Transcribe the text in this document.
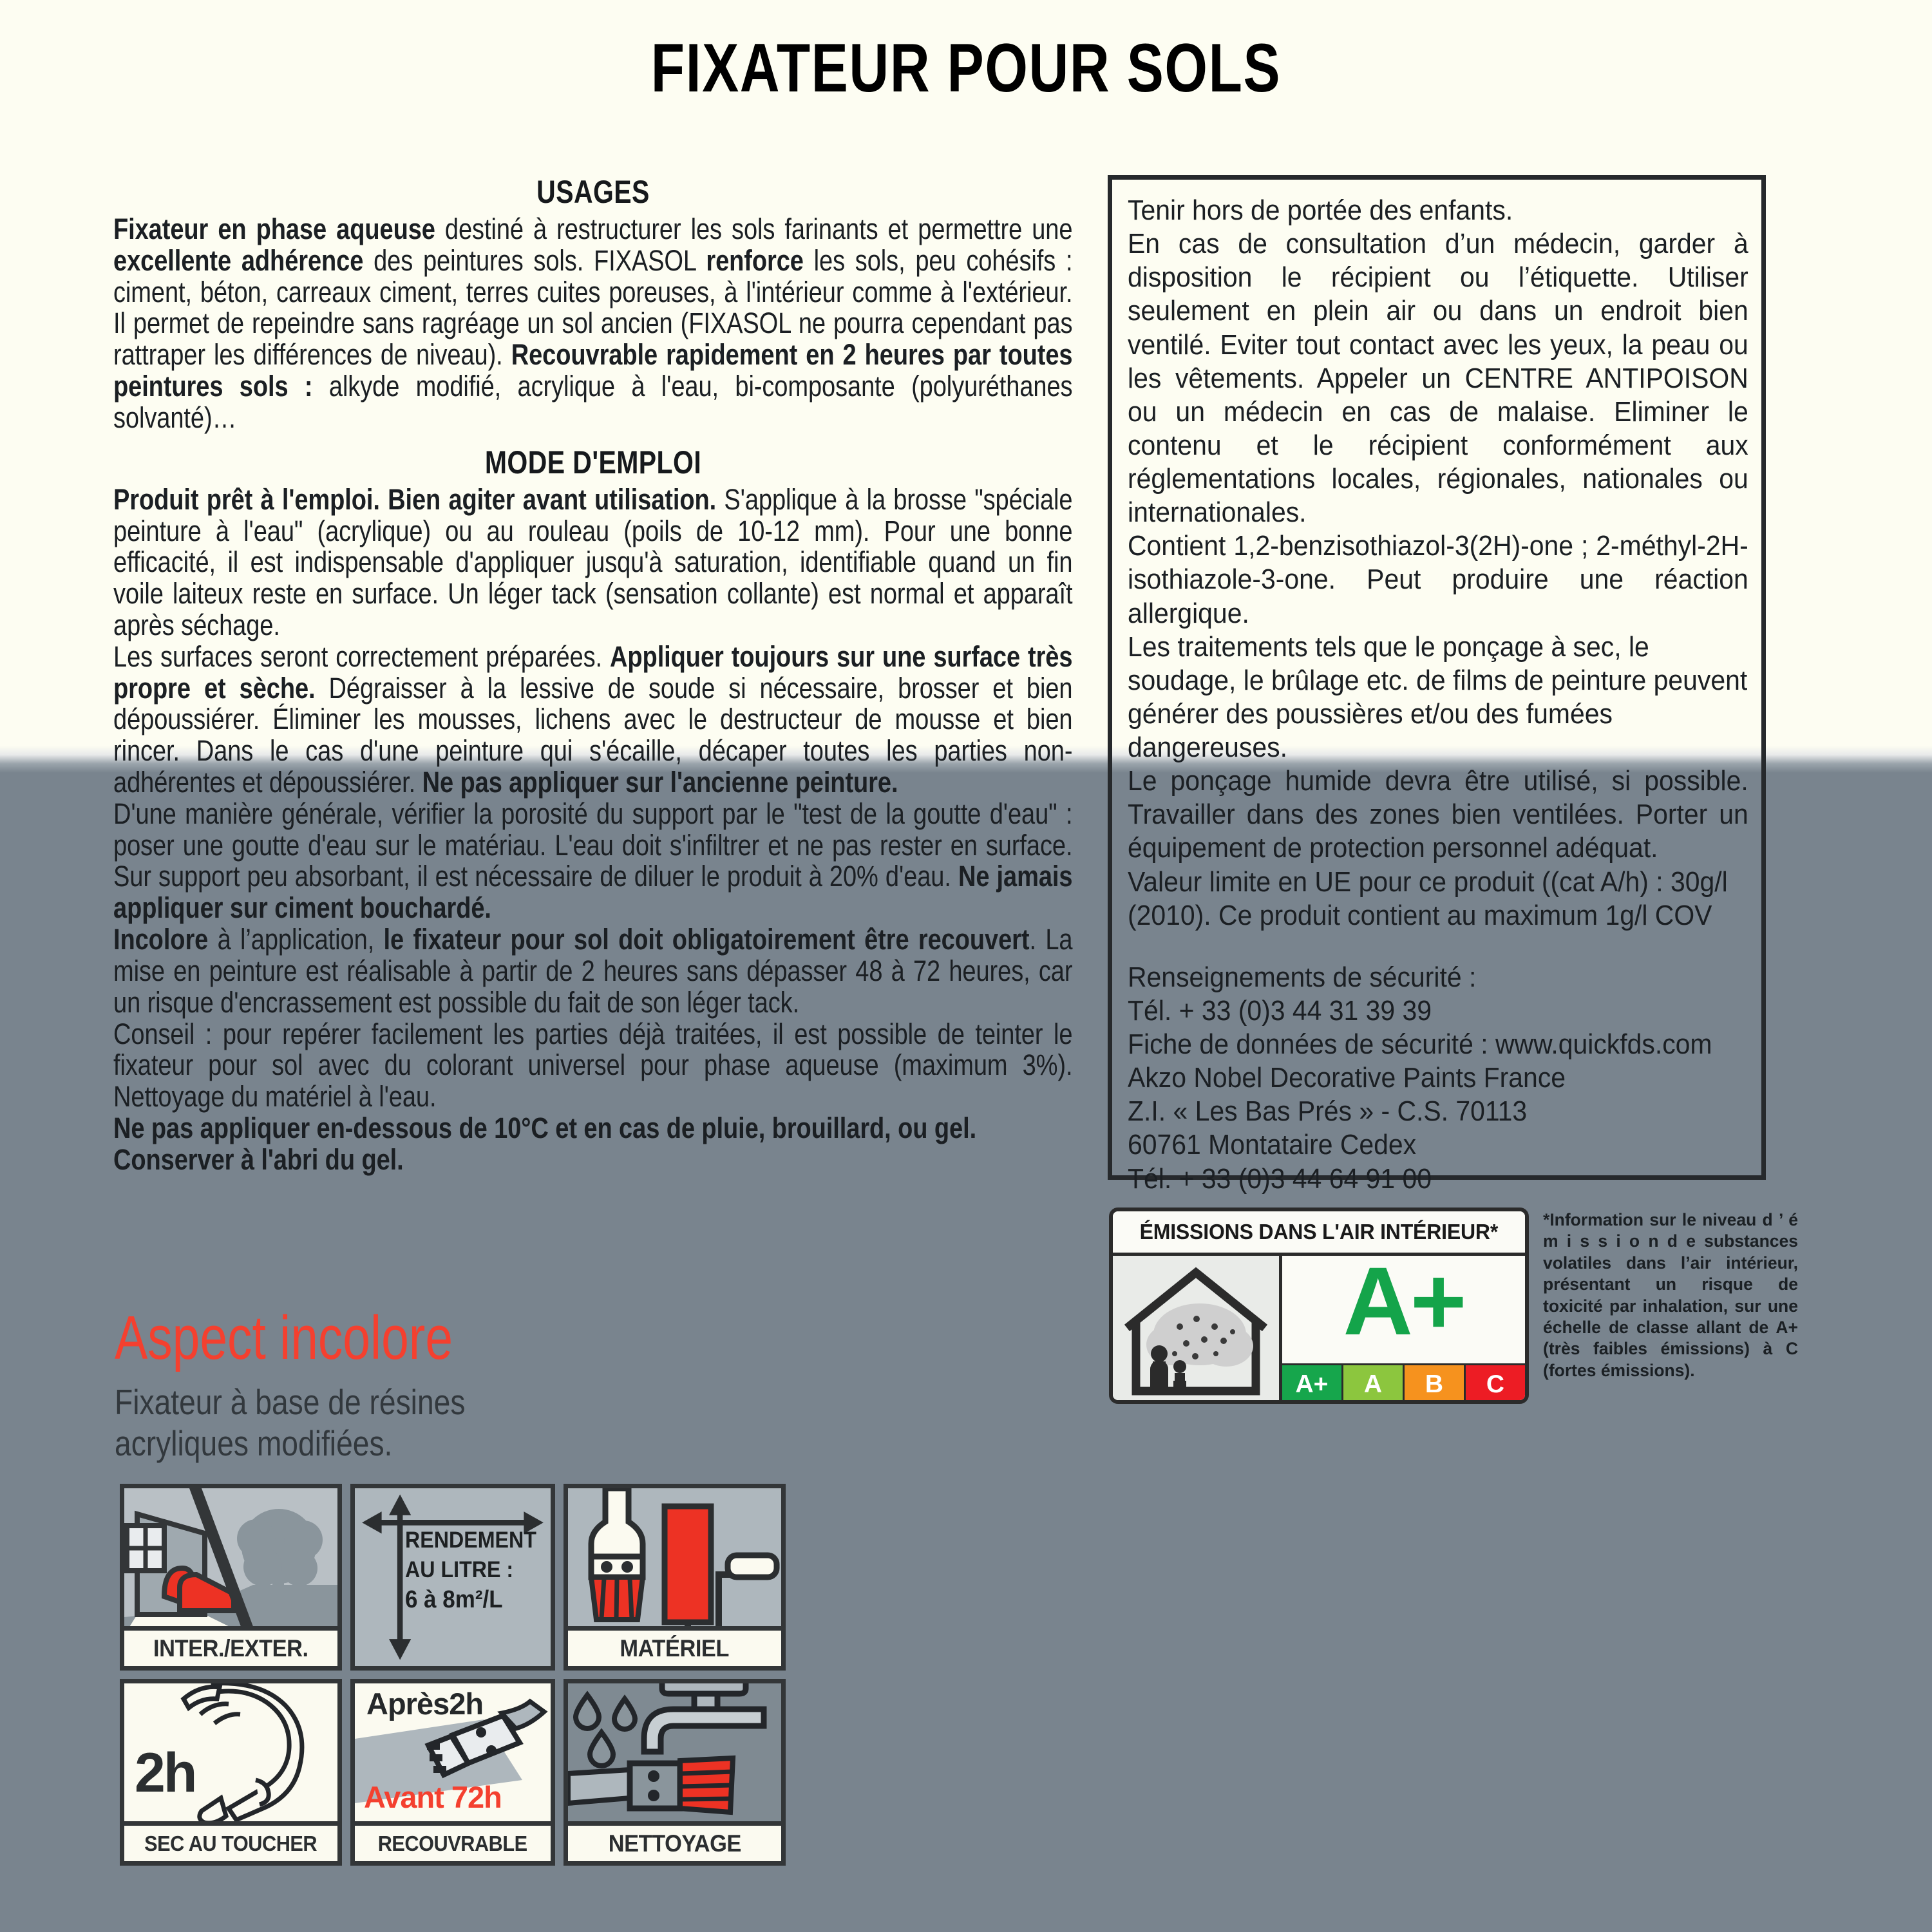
FIXATEUR POUR SOLS
USAGES

Fixateur en phase aqueuse destiné à restructurer les sols farinants et permettre une excellente adhérence des peintures sols. FIXASOL renforce les sols, peu cohésifs : ciment, béton, carreaux ciment, terres cuites poreuses, à l'intérieur comme à l'extérieur. Il permet de repeindre sans ragréage un sol ancien (FIXASOL ne pourra cependant pas rattraper les différences de niveau). Recouvrable rapidement en 2 heures par toutes peintures sols : alkyde modifié, acrylique à l'eau, bi-composante (polyuréthanes solvanté)…

MODE D'EMPLOI

Produit prêt à l'emploi. Bien agiter avant utilisation. S'applique à la brosse "spéciale peinture à l'eau" (acrylique) ou au rouleau (poils de 10-12 mm). Pour une bonne efficacité, il est indispensable d'appliquer jusqu'à saturation, identifiable quand un fin voile laiteux reste en surface. Un léger tack (sensation collante) est normal et apparaît après séchage.

Les surfaces seront correctement préparées. Appliquer toujours sur une surface très propre et sèche. Dégraisser à la lessive de soude si nécessaire, brosser et bien dépoussiérer. Éliminer les mousses, lichens avec le destructeur de mousse et bien rincer. Dans le cas d'une peinture qui s'écaille, décaper toutes les parties non-adhérentes et dépoussiérer. Ne pas appliquer sur l'ancienne peinture.

D'une manière générale, vérifier la porosité du support par le "test de la goutte d'eau" : poser une goutte d'eau sur le matériau. L'eau doit s'infiltrer et ne pas rester en surface. Sur support peu absorbant, il est nécessaire de diluer le produit à 20% d'eau. Ne jamais appliquer sur ciment bouchardé.

Incolore à l’application, le fixateur pour sol doit obligatoirement être recouvert. La mise en peinture est réalisable à partir de 2 heures sans dépasser 48 à 72 heures, car un risque d'encrassement est possible du fait de son léger tack.

Conseil : pour repérer facilement les parties déjà traitées, il est possible de teinter le fixateur pour sol avec du colorant universel pour phase aqueuse (maximum 3%). Nettoyage du matériel à l'eau.

Ne pas appliquer en-dessous de 10°C et en cas de pluie, brouillard, ou gel. Conserver à l'abri du gel.

Aspect incolore
Fixateur à base de résines
acryliques modifiées.

Tenir hors de portée des enfants.

En cas de consultation d’un médecin, garder à disposition le récipient ou l’étiquette. Utiliser seulement en plein air ou dans un endroit bien ventilé. Eviter tout contact avec les yeux, la peau ou les vêtements. Appeler un CENTRE ANTIPOISON ou un médecin en cas de malaise. Eliminer le contenu et le récipient conformément aux réglementations locales, régionales, nationales ou internationales.

Contient 1,2-benzisothiazol-3(2H)-one ; 2-méthyl-2H-isothiazole-3-one. Peut produire une réaction allergique.

Les traitements tels que le ponçage à sec, le soudage, le brûlage etc. de films de peinture peuvent générer des poussières et/ou des fumées dangereuses.

Le ponçage humide devra être utilisé, si possible. Travailler dans des zones bien ventilées. Porter un équipement de protection personnel adéquat.

Valeur limite en UE pour ce produit ((cat A/h) : 30g/l (2010). Ce produit contient au maximum 1g/l COV

Renseignements de sécurité :

Tél. + 33 (0)3 44 31 39 39

Fiche de données de sécurité : www.quickfds.com

Akzo Nobel Decorative Paints France

Z.I. « Les Bas Prés » - C.S. 70113

60761 Montataire Cedex

Tél. + 33 (0)3 44 64 91 00

ÉMISSIONS DANS L'AIR INTÉRIEUR*
A+
A+	A	B	C
*Information sur le niveau d ’ é m i s s i o n d e substances volatiles dans l’air intérieur, présentant un risque de toxicité par inhalation, sur une échelle de classe allant de A+ (très faibles émissions) à C (fortes émissions).
INTER./EXTER.
RENDEMENT
AU LITRE :
6 à 8m²/L
MATÉRIEL
2h
SEC AU TOUCHER
Après2h
Avant 72h
RECOUVRABLE	NETTOYAGE
